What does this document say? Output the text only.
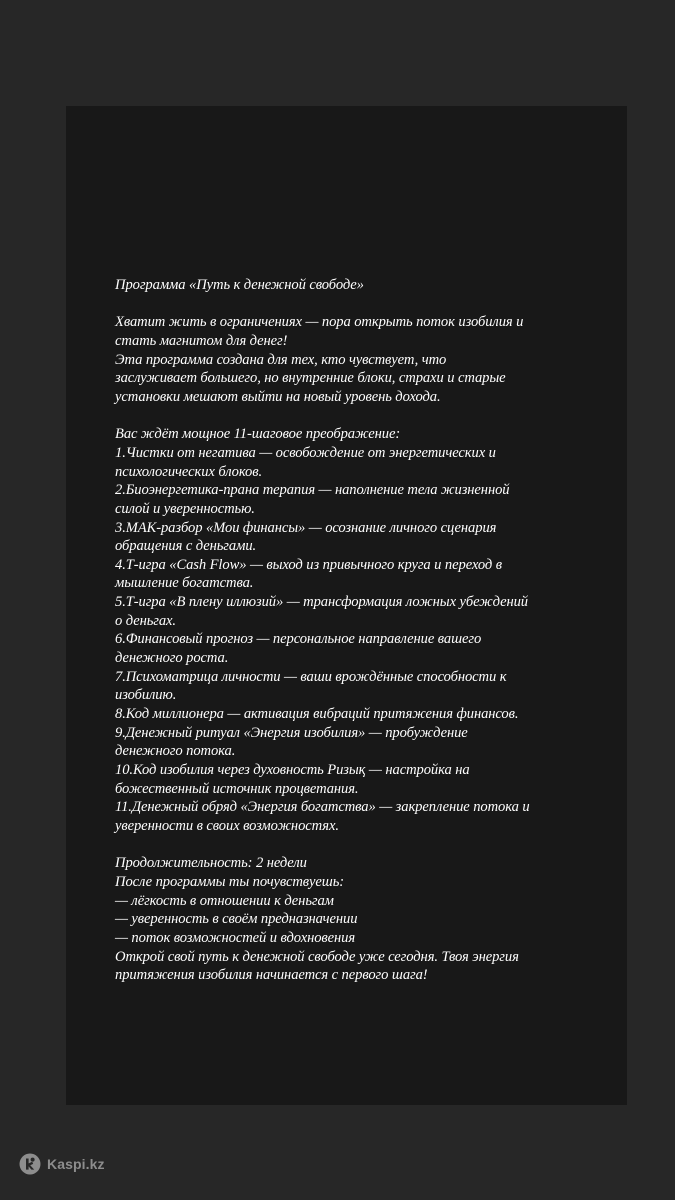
Программа «Путь к денежной свободе»
Хватит жить в ограничениях — пора открыть поток изобилия и
стать магнитом для денег!
Эта программа создана для тех, кто чувствует, что
заслуживает большего, но внутренние блоки, страхи и старые
установки мешают выйти на новый уровень дохода.
Вас ждёт мощное 11-шаговое преображение:
1.Чистки от негатива — освобождение от энергетических и
психологических блоков.
2.Биоэнергетика-прана терапия — наполнение тела жизненной
силой и уверенностью.
3.МАК-разбор «Мои финансы» — осознание личного сценария
обращения с деньгами.
4.Т-игра «Cash Flow» — выход из привычного круга и переход в
мышление богатства.
5.Т-игра «В плену иллюзий» — трансформация ложных убеждений
о деньгах.
6.Финансовый прогноз — персональное направление вашего
денежного роста.
7.Психоматрица личности — ваши врождённые способности к
изобилию.
8.Код миллионера — активация вибраций притяжения финансов.
9.Денежный ритуал «Энергия изобилия» — пробуждение
денежного потока.
10.Код изобилия через духовность Ризық — настройка на
божественный источник процветания.
11.Денежный обряд «Энергия богатства» — закрепление потока и
уверенности в своих возможностях.
Продолжительность: 2 недели
После программы ты почувствуешь:
— лёгкость в отношении к деньгам
— уверенность в своём предназначении
— поток возможностей и вдохновения
Открой свой путь к денежной свободе уже сегодня. Твоя энергия
притяжения изобилия начинается с первого шага!
Kaspi.kz
